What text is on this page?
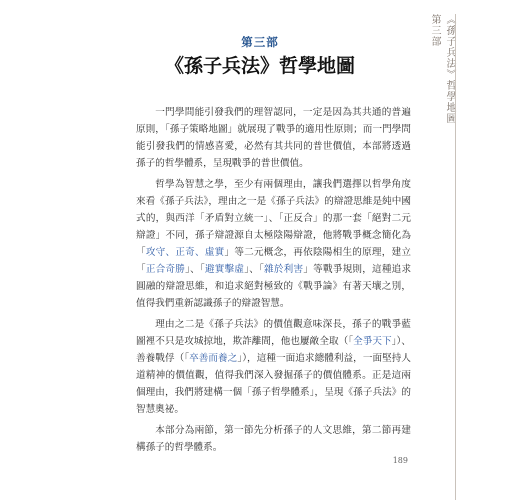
第三部
《孫子兵法》哲學地圖
第三部 《孫子兵法》哲學地圖

一門學問能引發我們的理智認同，一定是因為其共通的普遍原則，「孫子策略地圖」就展現了戰爭的適用性原則；而一門學問能引發我們的情感喜愛，必然有其共同的普世價值，本部將透過孫子的哲學體系，呈現戰爭的普世價值。

哲學為智慧之學，至少有兩個理由，讓我們選擇以哲學角度來看《孫子兵法》，理由之一是《孫子兵法》的辯證思維是純中國式的，與西洋「矛盾對立統一」、「正反合」的那一套「絕對二元辯證」不同，孫子辯證源自太極陰陽辯證，他將戰爭概念簡化為「攻守、正奇、虛實」等二元概念，再依陰陽相生的原理，建立「正合奇勝」、「避實擊虛」、「雜於利害」等戰爭規則，這種追求圓融的辯證思維，和追求絕對極致的《戰爭論》有著天壤之別，值得我們重新認識孫子的辯證智慧。

理由之二是《孫子兵法》的價值觀意味深長，孫子的戰爭藍圖裡不只是攻城掠地，欺詐離間，他也屢敵全取（「全爭天下」）、善養戰俘（「卒善而養之」），這種一面追求總體利益，一面堅持人道精神的價值觀，值得我們深入發掘孫子的價值體系。正是這兩個理由，我們將建構一個「孫子哲學體系」，呈現《孫子兵法》的智慧奧祕。

本部分為兩節，第一節先分析孫子的人文思維，第二節再建構孫子的哲學體系。

189
